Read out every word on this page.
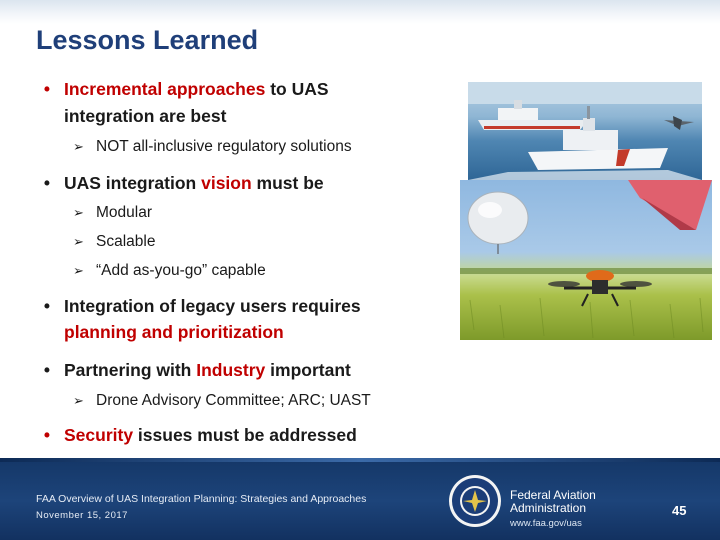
Lessons Learned
• Incremental approaches to UAS
integration are best
➢ NOT all-inclusive regulatory solutions
• UAS integration vision must be
➢ Modular
➢ Scalable
➢ “Add as-you-go” capable
• Integration of legacy users requires
planning and prioritization
• Partnering with Industry important
➢ Drone Advisory Committee; ARC; UAST
• Security issues must be addressed
FAA Overview of UAS Integration Planning: Strategies and Approaches
November 15, 2017
Federal Aviation
Administration
www.faa.gov/uas
45
